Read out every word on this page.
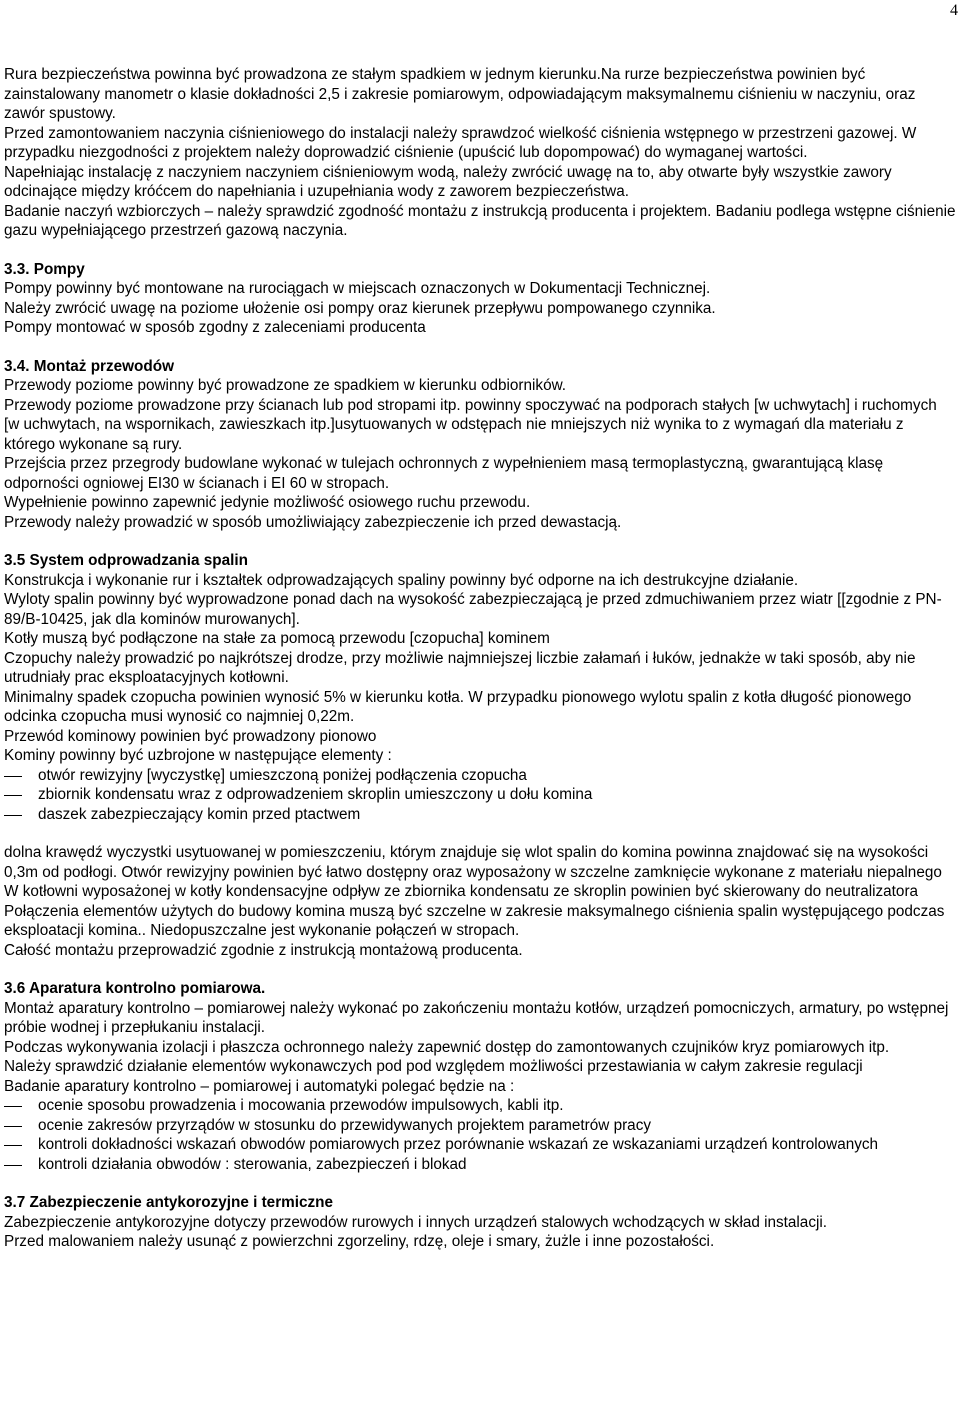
4

Rura bezpieczeństwa powinna być prowadzona ze stałym spadkiem w jednym kierunku.Na rurze bezpieczeństwa powinien być zainstalowany manometr o klasie dokładności 2,5 i zakresie pomiarowym, odpowiadającym maksymalnemu ciśnieniu w naczyniu, oraz zawór spustowy.

Przed zamontowaniem naczynia ciśnieniowego do instalacji należy sprawdzoć wielkość ciśnienia wstępnego w przestrzeni gazowej. W przypadku niezgodności z projektem należy doprowadzić ciśnienie (upuścić lub dopompować) do wymaganej wartości.

Napełniając instalację z naczyniem naczyniem ciśnieniowym wodą, należy zwrócić uwagę na to, aby otwarte były wszystkie zawory odcinające między króćcem do napełniania i uzupełniania wody z zaworem bezpieczeństwa.

Badanie naczyń wzbiorczych – należy sprawdzić zgodność montażu z instrukcją producenta i projektem. Badaniu podlega wstępne ciśnienie gazu wypełniającego przestrzeń gazową naczynia.

3.3. Pompy

Pompy powinny być montowane na rurociągach w miejscach oznaczonych w Dokumentacji Technicznej.

Należy zwrócić uwagę na poziome ułożenie osi pompy oraz kierunek przepływu pompowanego czynnika.

Pompy montować w sposób zgodny z zaleceniami producenta

3.4. Montaż przewodów

Przewody poziome powinny być prowadzone ze spadkiem w kierunku odbiorników.

Przewody poziome prowadzone przy ścianach lub pod stropami itp. powinny spoczywać na podporach stałych [w uchwytach] i ruchomych [w uchwytach, na wspornikach, zawieszkach itp.]usytuowanych w odstępach nie mniejszych niż wynika to z wymagań dla materiału z którego wykonane są rury.

Przejścia przez przegrody budowlane wykonać w tulejach ochronnych z wypełnieniem masą termoplastyczną, gwarantującą klasę odporności ogniowej EI30 w ścianach i EI 60 w stropach.

Wypełnienie powinno zapewnić jedynie możliwość osiowego ruchu przewodu.

Przewody należy prowadzić w sposób umożliwiający zabezpieczenie ich przed dewastacją.

3.5 System odprowadzania spalin

Konstrukcja i wykonanie rur i kształtek odprowadzających spaliny powinny być odporne na ich destrukcyjne działanie.

Wyloty spalin powinny być wyprowadzone ponad dach na wysokość zabezpieczającą je przed zdmuchiwaniem przez wiatr [[zgodnie z PN-89/B-10425, jak dla kominów murowanych].

Kotły muszą być podłączone na stałe za pomocą przewodu [czopucha] kominem

Czopuchy należy prowadzić po najkrótszej drodze, przy możliwie najmniejszej liczbie załamań i łuków, jednakże w taki sposób, aby nie utrudniały prac eksploatacyjnych kotłowni.

Minimalny spadek czopucha powinien wynosić 5% w kierunku kotła. W przypadku pionowego wylotu spalin z kotła długość pionowego odcinka czopucha musi wynosić co najmniej 0,22m.

Przewód kominowy powinien być prowadzony pionowo

Kominy powinny być uzbrojone w następujące elementy :

otwór rewizyjny [wyczystkę] umieszczoną poniżej podłączenia czopucha
zbiornik kondensatu wraz z odprowadzeniem skroplin umieszczony u dołu komina
daszek zabezpieczający komin przed ptactwem

dolna krawędź wyczystki usytuowanej w pomieszczeniu, którym znajduje się wlot spalin do komina powinna znajdować się na wysokości 0,3m od podłogi. Otwór rewizyjny powinien być łatwo dostępny oraz wyposażony w szczelne zamknięcie wykonane z materiału niepalnego

W kotłowni wyposażonej w kotły kondensacyjne odpływ ze zbiornika kondensatu ze skroplin powinien być skierowany do neutralizatora

Połączenia elementów użytych do budowy komina muszą być szczelne w zakresie maksymalnego ciśnienia spalin występującego podczas eksploatacji komina.. Niedopuszczalne jest wykonanie połączeń w stropach.

Całość montażu przeprowadzić zgodnie z instrukcją montażową producenta.

3.6 Aparatura kontrolno pomiarowa.

Montaż aparatury kontrolno – pomiarowej należy wykonać po zakończeniu montażu kotłów, urządzeń pomocniczych, armatury, po wstępnej próbie wodnej i przepłukaniu instalacji.

Podczas wykonywania izolacji i płaszcza ochronnego należy zapewnić dostęp do zamontowanych czujników kryz pomiarowych itp.

Należy sprawdzić działanie elementów wykonawczych pod pod względem możliwości przestawiania w całym zakresie regulacji

Badanie aparatury kontrolno – pomiarowej i automatyki polegać będzie na :

ocenie sposobu prowadzenia i mocowania przewodów impulsowych, kabli itp.
ocenie zakresów przyrządów w stosunku do przewidywanych projektem parametrów pracy
kontroli dokładności wskazań obwodów pomiarowych przez porównanie wskazań ze wskazaniami urządzeń kontrolowanych
kontroli działania obwodów : sterowania, zabezpieczeń i blokad

3.7 Zabezpieczenie antykorozyjne i termiczne

Zabezpieczenie antykorozyjne dotyczy przewodów rurowych i innych urządzeń stalowych wchodzących w skład instalacji.

Przed malowaniem należy usunąć z powierzchni zgorzeliny, rdzę, oleje i smary, żużle i inne pozostałości.
